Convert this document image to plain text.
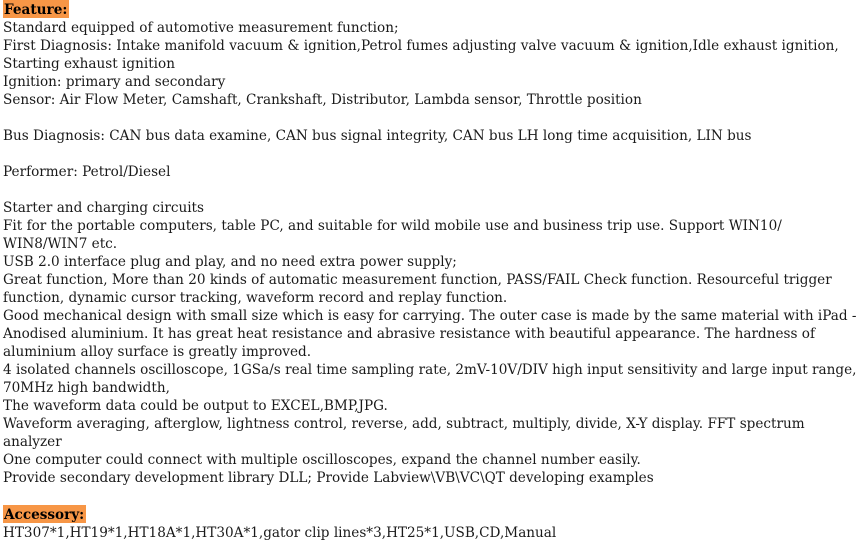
Feature:
Standard equipped of automotive measurement function;
First Diagnosis: Intake manifold vacuum & ignition,Petrol fumes adjusting valve vacuum & ignition,Idle exhaust ignition, Starting exhaust ignition
Ignition: primary and secondary
Sensor: Air Flow Meter, Camshaft, Crankshaft, Distributor, Lambda sensor, Throttle position
Bus Diagnosis: CAN bus data examine, CAN bus signal integrity, CAN bus LH long time acquisition, LIN bus
Performer: Petrol/Diesel
Starter and charging circuits
Fit for the portable computers, table PC, and suitable for wild mobile use and business trip use. Support WIN10/ WIN8/WIN7 etc.
USB 2.0 interface plug and play, and no need extra power supply;
Great function, More than 20 kinds of automatic measurement function, PASS/FAIL Check function. Resourceful trigger function, dynamic cursor tracking, waveform record and replay function.
Good mechanical design with small size which is easy for carrying. The outer case is made by the same material with iPad - Anodised aluminium. It has great heat resistance and abrasive resistance with beautiful appearance. The hardness of aluminium alloy surface is greatly improved.
4 isolated channels oscilloscope, 1GSa/s real time sampling rate, 2mV-10V/DIV high input sensitivity and large input range, 70MHz high bandwidth,
The waveform data could be output to EXCEL,BMP,JPG.
Waveform averaging, afterglow, lightness control, reverse, add, subtract, multiply, divide, X-Y display. FFT spectrum analyzer
One computer could connect with multiple oscilloscopes, expand the channel number easily.
Provide secondary development library DLL; Provide Labview\VB\VC\QT developing examples
Accessory:
HT307*1,HT19*1,HT18A*1,HT30A*1,gator clip lines*3,HT25*1,USB,CD,Manual
